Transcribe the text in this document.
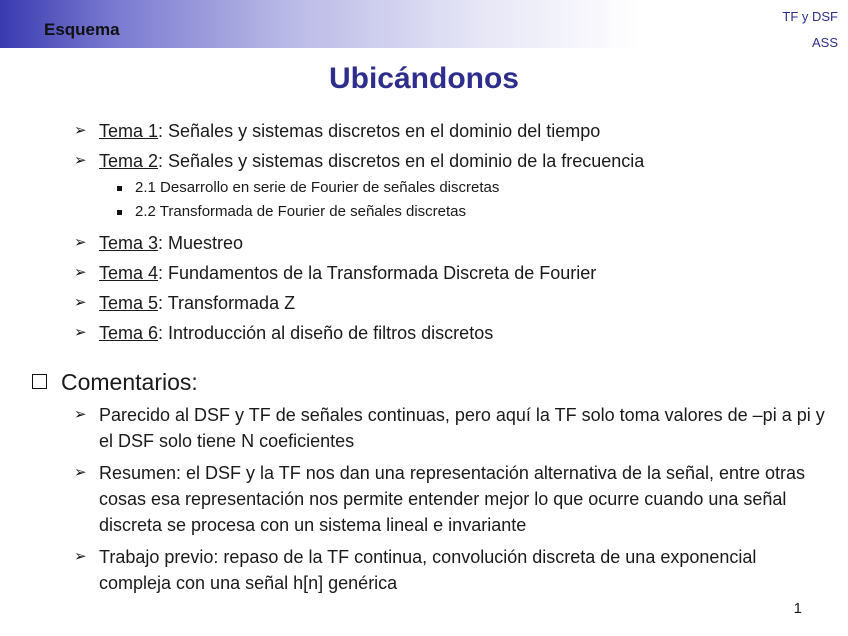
Esquema
TF y DSF
ASS
Ubicándonos
➢ Tema 1: Señales y sistemas discretos en el dominio del tiempo
➢ Tema 2: Señales y sistemas discretos en el dominio de la frecuencia
2.1 Desarrollo en serie de Fourier de señales discretas
2.2 Transformada de Fourier de señales discretas
➢ Tema 3: Muestreo
➢ Tema 4: Fundamentos de la Transformada Discreta de Fourier
➢ Tema 5: Transformada Z
➢ Tema 6: Introducción al diseño de filtros discretos
Comentarios:
➢ Parecido al DSF y TF de señales continuas, pero aquí la TF solo toma valores de –pi a pi y el DSF solo tiene N coeficientes
➢ Resumen: el DSF y la TF nos dan una representación alternativa de la señal, entre otras cosas esa representación nos permite entender mejor lo que ocurre cuando una señal discreta se procesa con un sistema lineal e invariante
➢ Trabajo previo: repaso de la TF continua, convolución discreta de una exponencial compleja con una señal h[n] genérica
1
